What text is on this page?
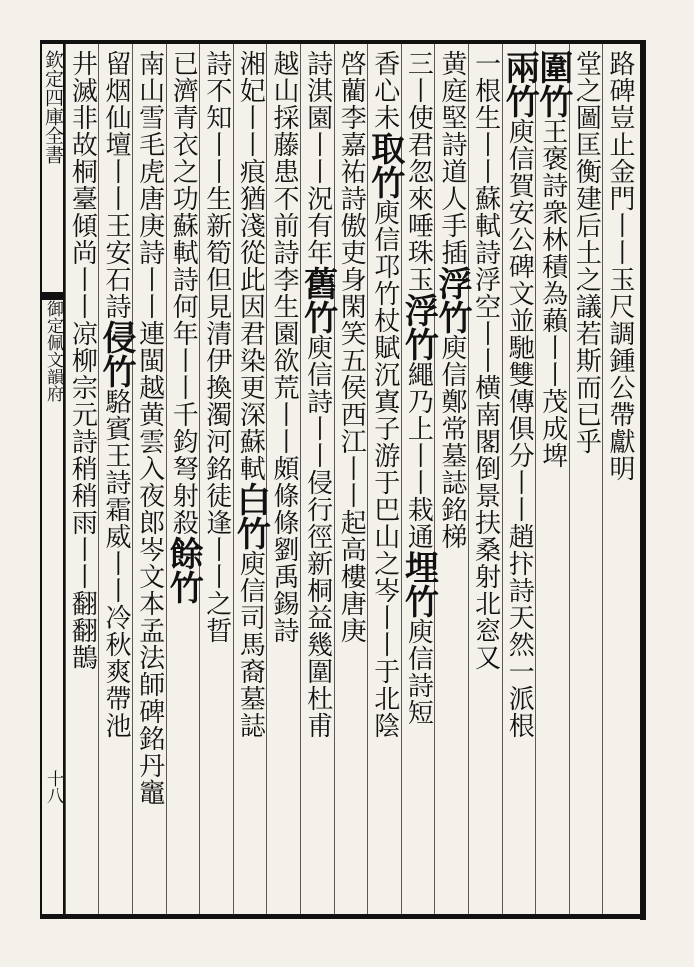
欽定四庫全書
御定佩文韻府
十八
路碑豈止金門丨丨玉尺調鍾公帶獻明
堂之圖匡衡建后土之議若斯而已乎
圍竹王褒詩衆林積為藾丨丨茂成埤
兩竹庾信賀安公碑文並馳雙傳俱分丨丨趙抃詩天然一派根
一根生丨丨蘇軾詩浮空丨丨横南閣倒景扶桑射北窓又
黄庭堅詩道人手插浮竹庾信鄭常墓誌銘梯
三丨使君忽來唾珠玉浮竹繩乃上丨丨栽通埋竹庾信詩短
香心未取竹庾信邛竹杖賦沉寘子游于巴山之岑丨丨于北陰
啓藺李嘉祐詩傲吏身閑笑五侯西江丨丨起高樓唐庚
詩淇園丨丨況有年舊竹庾信詩丨丨侵行徑新桐益幾圍杜甫
越山採藤患不前詩李生園欲荒丨丨頗條條劉禹錫詩
湘妃丨丨痕猶淺從此因君染更深蘇軾白竹庾信司馬裔墓誌
詩不知丨丨生新筍但見清伊換濁河銘徒逢丨丨之晢
已濟青衣之功蘇軾詩何年丨丨千鈞弩射殺餘竹
南山雪毛虎唐庚詩丨丨連閩越黄雲入夜郎岑文本孟法師碑銘丹竈
留烟仙壇丨丨王安石詩侵竹駱賓王詩霜威丨丨冷秋爽帶池
井滅非故桐臺傾尚丨丨凉柳宗元詩稍稍雨丨丨翻翻鵲
